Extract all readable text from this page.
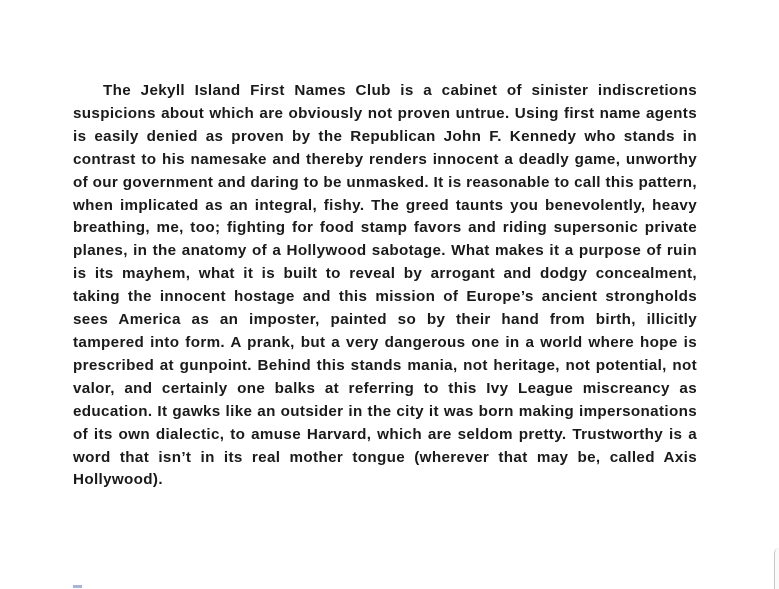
The Jekyll Island First Names Club is a cabinet of sinister indiscretions suspicions about which are obviously not proven untrue. Using first name agents is easily denied as proven by the Republican John F. Kennedy who stands in contrast to his namesake and thereby renders innocent a deadly game, unworthy of our government and daring to be unmasked. It is reasonable to call this pattern, when implicated as an integral, fishy. The greed taunts you benevolently, heavy breathing, me, too; fighting for food stamp favors and riding supersonic private planes, in the anatomy of a Hollywood sabotage. What makes it a purpose of ruin is its mayhem, what it is built to reveal by arrogant and dodgy concealment, taking the innocent hostage and this mission of Europe’s ancient strongholds sees America as an imposter, painted so by their hand from birth, illicitly tampered into form. A prank, but a very dangerous one in a world where hope is prescribed at gunpoint. Behind this stands mania, not heritage, not potential, not valor, and certainly one balks at referring to this Ivy League miscreancy as education. It gawks like an outsider in the city it was born making impersonations of its own dialectic, to amuse Harvard, which are seldom pretty. Trustworthy is a word that isn’t in its real mother tongue (wherever that may be, called Axis Hollywood).
